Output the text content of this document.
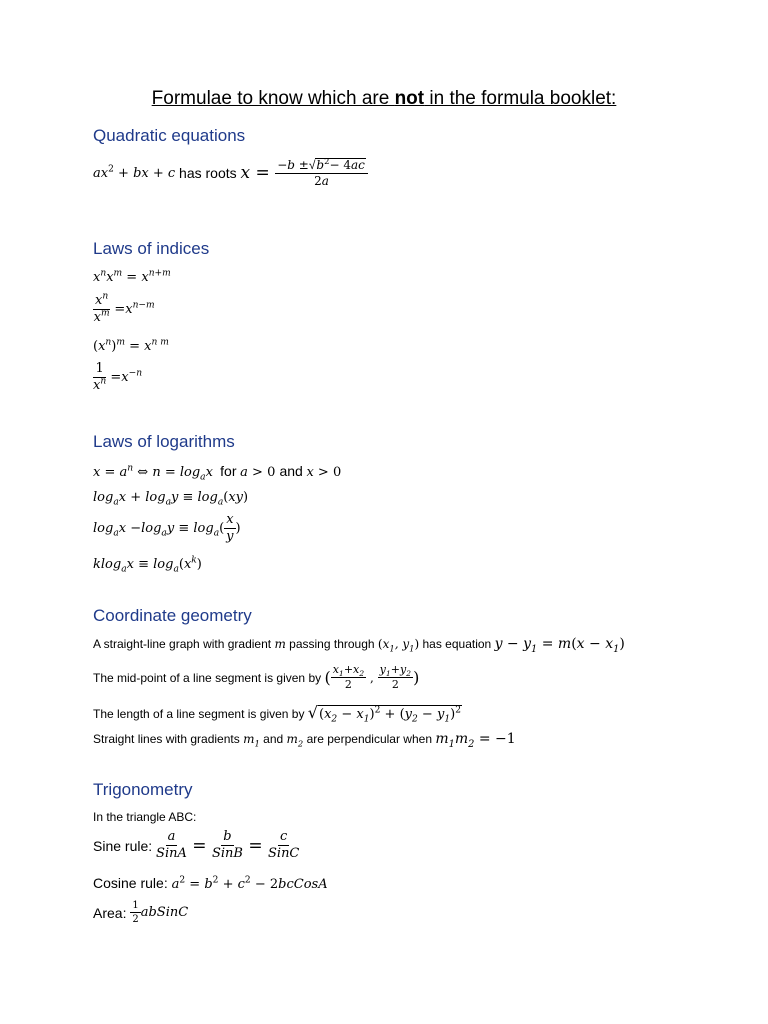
Formulae to know which are not in the formula booklet:
Quadratic equations
$ax^2$ + bx + c has roots $x = \frac{-b \pm√b^2- 4ac}{2a}$
Laws of indices
$x^nx^m = x^{n+m}$
$\frac{x^n}{x^m} = x^{n-m}$
$(x^n)^m = x^{n m}$
$\frac{1}{x^n} = x^{-n}$
Laws of logarithms
$x = a^n$ ⇔ $n = \log_ax$ for a > 0 and x > 0
$\log_ax + \log_ay \equiv \log_a(xy)$
$\log_ax - \log_ay \equiv \log_a$ ( $\frac{x}{y}$ )
$klog_ax \equiv \log_a(x^k)$
Coordinate geometry
A straight-line graph with gradient m passing through ($x_1$, $y_1$) has equation $y - y_1 = m(x - x_1)$
The mid-point of a line segment is given by ( $\frac{x_1+x_2}{2}$ , $\frac{y_1+y_2}{2}$ )
The length of a line segment is given by $√(x_2 - x_1)^2 + (y_2 - y_1)^2$
Straight lines with gradients $m_1$ and $m_2$ are perpendicular when $m_1m_2 = -1$
Trigonometry
In the triangle ABC:
Sine rule: $\frac{a}{\text{SinA}} = \frac{b}{\text{SinB}} = \frac{c}{\text{SinC}}$
Cosine rule: $a^2 = b^2 + c^2$ − 2bcCosA
Area: $\frac{1}{2}$ abSinC
